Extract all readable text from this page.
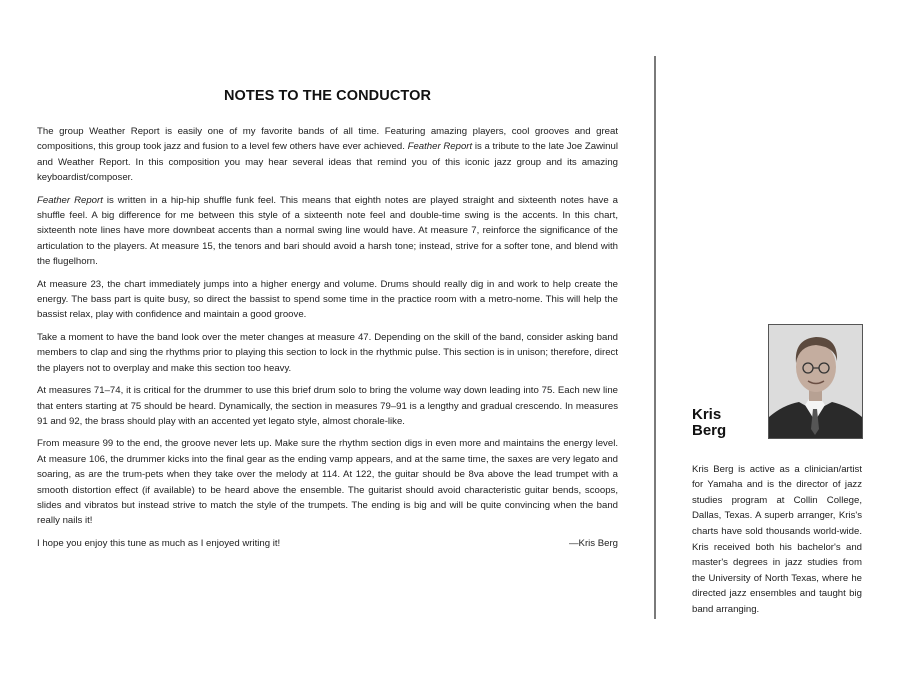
NOTES TO THE CONDUCTOR

The group Weather Report is easily one of my favorite bands of all time. Featuring amazing players, cool grooves and great compositions, this group took jazz and fusion to a level few others have ever achieved. Feather Report is a tribute to the late Joe Zawinul and Weather Report. In this composition you may hear several ideas that remind you of this iconic jazz group and its amazing keyboardist/composer.

Feather Report is written in a hip-hip shuffle funk feel. This means that eighth notes are played straight and sixteenth notes have a shuffle feel. A big difference for me between this style of a sixteenth note feel and double-time swing is the accents. In this chart, sixteenth note lines have more downbeat accents than a normal swing line would have. At measure 7, reinforce the significance of the articulation to the players. At measure 15, the tenors and bari should avoid a harsh tone; instead, strive for a softer tone, and blend with the flugelhorn.

At measure 23, the chart immediately jumps into a higher energy and volume. Drums should really dig in and work to help create the energy. The bass part is quite busy, so direct the bassist to spend some time in the practice room with a metro-nome. This will help the bassist relax, play with confidence and maintain a good groove.

Take a moment to have the band look over the meter changes at measure 47. Depending on the skill of the band, consider asking band members to clap and sing the rhythms prior to playing this section to lock in the rhythmic pulse. This section is in unison; therefore, direct the players not to overplay and make this section too heavy.

At measures 71–74, it is critical for the drummer to use this brief drum solo to bring the volume way down leading into 75. Each new line that enters starting at 75 should be heard. Dynamically, the section in measures 79–91 is a lengthy and gradual crescendo. In measures 91 and 92, the brass should play with an accented yet legato style, almost chorale-like.

From measure 99 to the end, the groove never lets up. Make sure the rhythm section digs in even more and maintains the energy level. At measure 106, the drummer kicks into the final gear as the ending vamp appears, and at the same time, the saxes are very legato and soaring, as are the trum-pets when they take over the melody at 114. At 122, the guitar should be 8va above the lead trumpet with a smooth distortion effect (if available) to be heard above the ensemble. The guitarist should avoid characteristic guitar bends, scoops, slides and vibratos but instead strive to match the style of the trumpets. The ending is big and will be quite convincing when the band really nails it!

I hope you enjoy this tune as much as I enjoyed writing it!	—Kris Berg
Kris
Berg

Kris Berg is active as a clinician/artist for Yamaha and is the director of jazz studies program at Collin College, Dallas, Texas. A superb arranger, Kris's charts have sold thousands world-wide. Kris received both his bachelor's and master's degrees in jazz studies from the University of North Texas, where he directed jazz ensembles and taught big band arranging.
